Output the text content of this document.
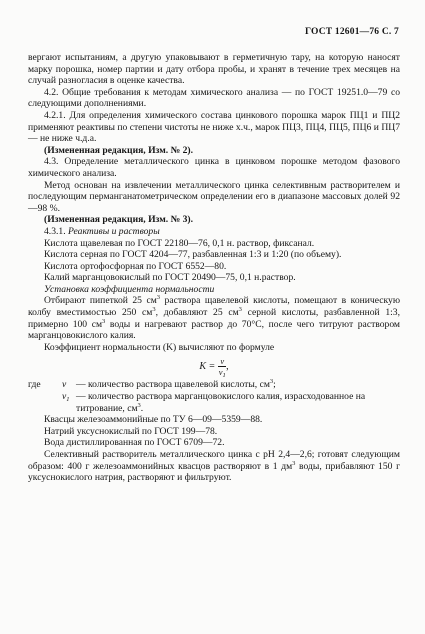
ГОСТ 12601—76 С. 7

вергают испытаниям, а другую упаковывают в герметичную тару, на которую наносят марку порошка, номер партии и дату отбора пробы, и хранят в течение трех месяцев на случай разногласия в оценке качества.

4.2. Общие требования к методам химического анализа — по ГОСТ 19251.0—79 со следующими дополнениями.

4.2.1. Для определения химического состава цинкового порошка марок ПЦ1 и ПЦ2 применяют реактивы по степени чистоты не ниже х.ч., марок ПЦ3, ПЦ4, ПЦ5, ПЦ6 и ПЦ7 — не ниже ч.д.а.

(Измененная редакция, Изм. № 2).

4.3. Определение металлического цинка в цинковом порошке методом фазового химического анализа.

Метод основан на извлечении металлического цинка селективным растворителем и последующим перманганатометрическом определении его в диапазоне массовых долей 92—98 %.

(Измененная редакция, Изм. № 3).

4.3.1. Реактивы и растворы

Кислота щавелевая по ГОСТ 22180—76, 0,1 н. раствор, фиксанал.

Кислота серная по ГОСТ 4204—77, разбавленная 1:3 и 1:20 (по объему).

Кислота ортофосфорная по ГОСТ 6552—80.

Калий марганцовокислый по ГОСТ 20490—75, 0,1 н.раствор.

Установка коэффициента нормальности

Отбирают пипеткой 25 $см^3$ раствора щавелевой кислоты, помещают в коническую колбу вместимостью 250 $см^3$, добавляют 25 $см^3$ серной кислоты, разбавленной 1:3, примерно 100 $см^3$ воды и нагревают раствор до 70°С, после чего титруют раствором марганцовокислого калия.

Коэффициент нормальности (K) вычисляют по формуле

$K = \frac{v}{v_1}$ ,
где	v	— количество раствора щавелевой кислоты, $см^3$;
$v_1$ — количество раствора марганцовокислого калия, израсходованное на титрование, $см^3$.

Квасцы железоаммонийные по ТУ 6—09—5359—88.

Натрий уксуснокислый по ГОСТ 199—78.

Вода дистиллированная по ГОСТ 6709—72.

Селективный растворитель металлического цинка с рН 2,4—2,6; готовят следующим образом: 400 г железоаммонийных квасцов растворяют в 1 $дм^3$ воды, прибавляют 150 г уксуснокислого натрия, растворяют и фильтруют.
